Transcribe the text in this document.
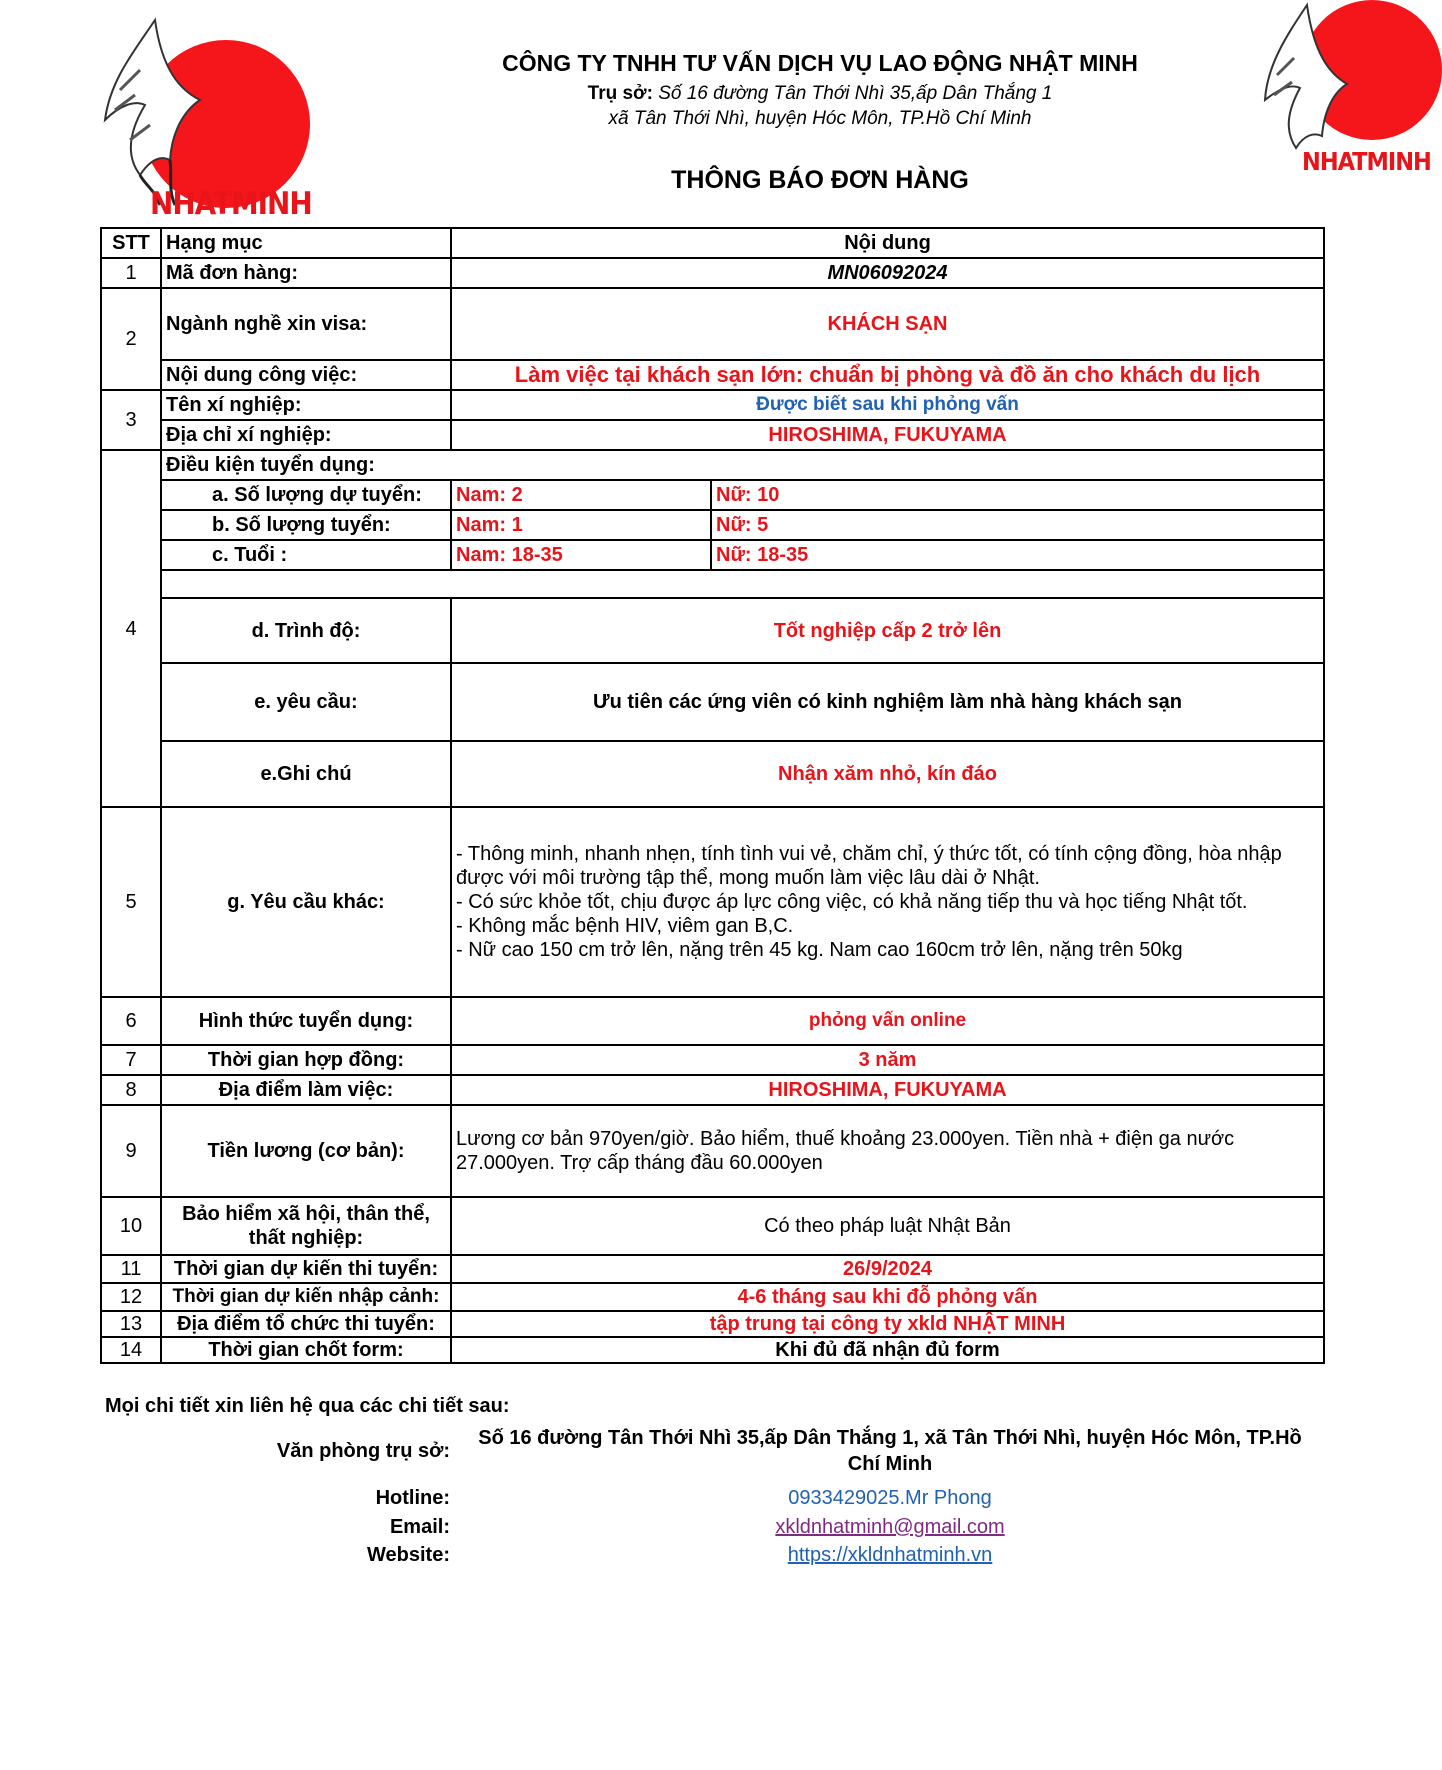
NHATMINH
NHATMINH
CÔNG TY TNHH TƯ VẤN DỊCH VỤ LAO ĐỘNG NHẬT MINH
Trụ sở: Số 16 đường Tân Thới Nhì 35,ấp Dân Thắng 1
xã Tân Thới Nhì, huyện Hóc Môn, TP.Hồ Chí Minh
THÔNG BÁO ĐƠN HÀNG
STT	Hạng mục	Nội dung	
1	Mã đơn hàng:	MN06092024	
2	Ngành nghề xin visa:	KHÁCH SẠN	
	Nội dung công việc:	Làm việc tại khách sạn lớn: chuẩn bị phòng và đồ ăn cho khách du lịch	
3	Tên xí nghiệp:	Được biết sau khi phỏng vấn	
	Địa chỉ xí nghiệp:	HIROSHIMA, FUKUYAMA	
4	Điều kiện tuyển dụng:		
	a. Số lượng dự tuyển:	Nam: 2	Nữ: 10
	b. Số lượng tuyển:	Nam: 1	Nữ: 5
	c. Tuổi :	Nam: 18-35	Nữ: 18-35

	d. Trình độ:	Tốt nghiệp cấp 2 trở lên	
	e. yêu cầu:	Ưu tiên các ứng viên có kinh nghiệm làm nhà hàng khách sạn	
	e.Ghi chú	Nhận xăm nhỏ, kín đáo	
5	g. Yêu cầu khác:	- Thông minh, nhanh nhẹn, tính tình vui vẻ, chăm chỉ, ý thức tốt, có tính cộng đồng, hòa nhập được với môi trường tập thể, mong muốn làm việc lâu dài ở Nhật.
- Có sức khỏe tốt, chịu được áp lực công việc, có khả năng tiếp thu và học tiếng Nhật tốt.
- Không mắc bệnh HIV, viêm gan B,C.
- Nữ cao 150 cm trở lên, nặng trên 45 kg. Nam cao 160cm trở lên, nặng trên 50kg	

6	Hình thức tuyển dụng:	phỏng vấn online	
7	Thời gian hợp đồng:	3 năm	
8	Địa điểm làm việc:	HIROSHIMA, FUKUYAMA	
9	Tiền lương (cơ bản):	Lương cơ bản 970yen/giờ. Bảo hiểm, thuế khoảng 23.000yen. Tiền nhà + điện ga nước 27.000yen. Trợ cấp tháng đầu 60.000yen	
10	Bảo hiểm xã hội, thân thể, thất nghiệp:	Có theo pháp luật Nhật Bản	
11	Thời gian dự kiến thi tuyển:	26/9/2024	
12	Thời gian dự kiến nhập cảnh:	4-6 tháng sau khi đỗ phỏng vấn	
13	Địa điểm tổ chức thi tuyển:	tập trung tại công ty xkld NHẬT MINH	
14	Thời gian chốt form:	Khi đủ đã nhận đủ form	
Mọi chi tiết xin liên hệ qua các chi tiết sau:
Văn phòng trụ sở:
Số 16 đường Tân Thới Nhì 35,ấp Dân Thắng 1, xã Tân Thới Nhì, huyện Hóc Môn, TP.Hồ Chí Minh
Hotline:	0933429025.Mr Phong
Email:	xkldnhatminh@gmail.com
Website:	https://xkldnhatminh.vn
